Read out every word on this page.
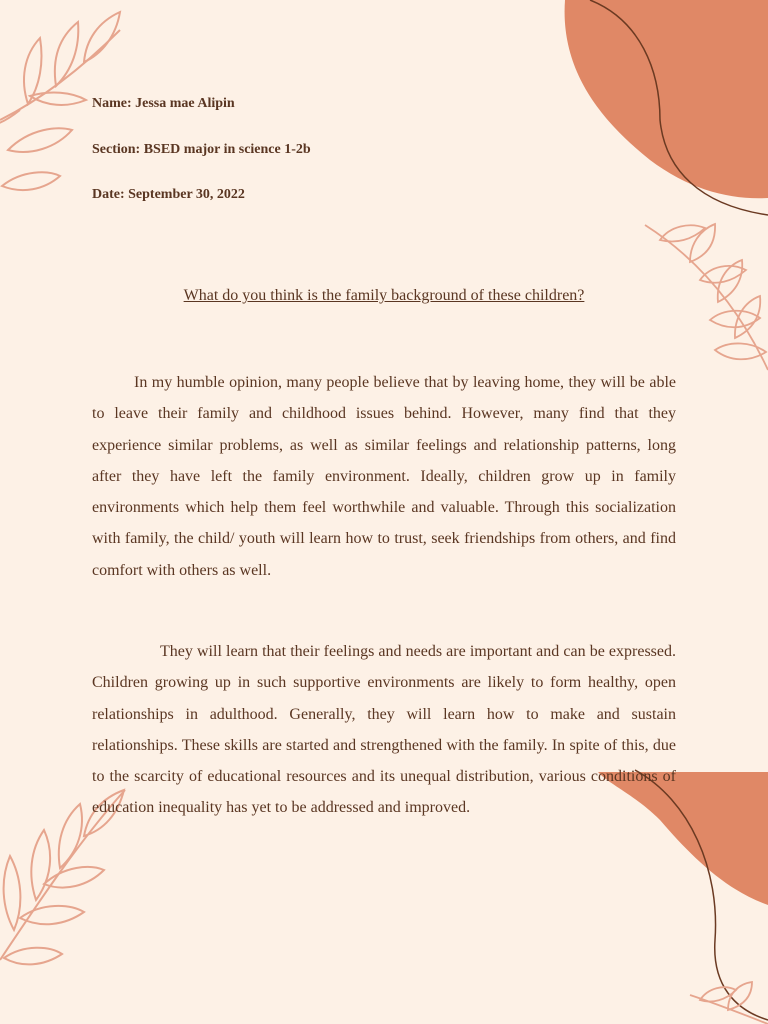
Name: Jessa mae Alipin
Section: BSED major in science 1-2b
Date: September 30, 2022
What do you think is the family background of these children?

In my humble opinion, many people believe that by leaving home, they will be able to leave their family and childhood issues behind. However, many find that they experience similar problems, as well as similar feelings and relationship patterns, long after they have left the family environment. Ideally, children grow up in family environments which help them feel worthwhile and valuable. Through this socialization with family, the child/ youth will learn how to trust, seek friendships from others, and find comfort with others as well.

They will learn that their feelings and needs are important and can be expressed. Children growing up in such supportive environments are likely to form healthy, open relationships in adulthood. Generally, they will learn how to make and sustain relationships. These skills are started and strengthened with the family. In spite of this, due to the scarcity of educational resources and its unequal distribution, various conditions of education inequality has yet to be addressed and improved.
